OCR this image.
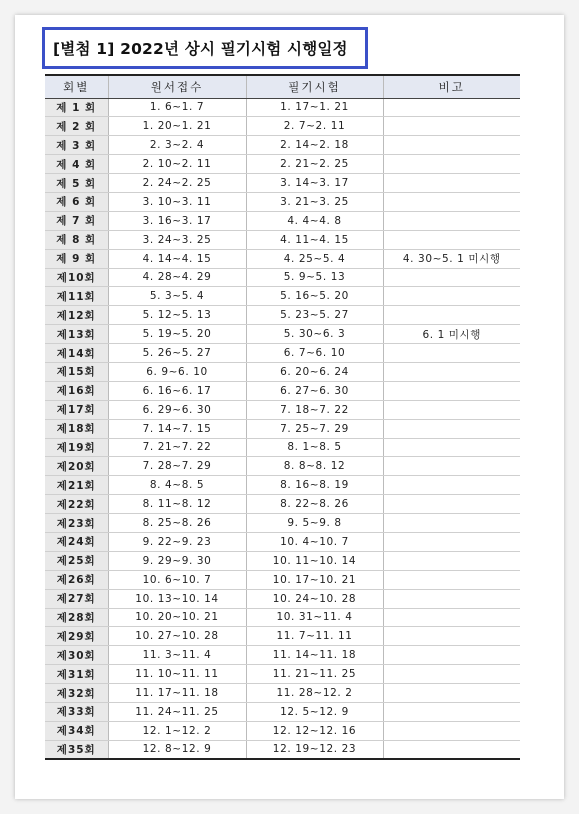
[별첨 1] 2022년 상시 필기시험 시행일정
회별	원서접수	필기시험	비고
제 1 회	1. 6~1. 7	1. 17~1. 21	
제 2 회	1. 20~1. 21	2. 7~2. 11	
제 3 회	2. 3~2. 4	2. 14~2. 18	
제 4 회	2. 10~2. 11	2. 21~2. 25	
제 5 회	2. 24~2. 25	3. 14~3. 17	
제 6 회	3. 10~3. 11	3. 21~3. 25	
제 7 회	3. 16~3. 17	4. 4~4. 8	
제 8 회	3. 24~3. 25	4. 11~4. 15	
제 9 회	4. 14~4. 15	4. 25~5. 4	4. 30~5. 1 미시행
제10회	4. 28~4. 29	5. 9~5. 13	
제11회	5. 3~5. 4	5. 16~5. 20	
제12회	5. 12~5. 13	5. 23~5. 27	
제13회	5. 19~5. 20	5. 30~6. 3	6. 1 미시행
제14회	5. 26~5. 27	6. 7~6. 10	
제15회	6. 9~6. 10	6. 20~6. 24	
제16회	6. 16~6. 17	6. 27~6. 30	
제17회	6. 29~6. 30	7. 18~7. 22	
제18회	7. 14~7. 15	7. 25~7. 29	
제19회	7. 21~7. 22	8. 1~8. 5	
제20회	7. 28~7. 29	8. 8~8. 12	
제21회	8. 4~8. 5	8. 16~8. 19	
제22회	8. 11~8. 12	8. 22~8. 26	
제23회	8. 25~8. 26	9. 5~9. 8	
제24회	9. 22~9. 23	10. 4~10. 7	
제25회	9. 29~9. 30	10. 11~10. 14	
제26회	10. 6~10. 7	10. 17~10. 21	
제27회	10. 13~10. 14	10. 24~10. 28	
제28회	10. 20~10. 21	10. 31~11. 4	
제29회	10. 27~10. 28	11. 7~11. 11	
제30회	11. 3~11. 4	11. 14~11. 18	
제31회	11. 10~11. 11	11. 21~11. 25	
제32회	11. 17~11. 18	11. 28~12. 2	
제33회	11. 24~11. 25	12. 5~12. 9	
제34회	12. 1~12. 2	12. 12~12. 16	
제35회	12. 8~12. 9	12. 19~12. 23	
